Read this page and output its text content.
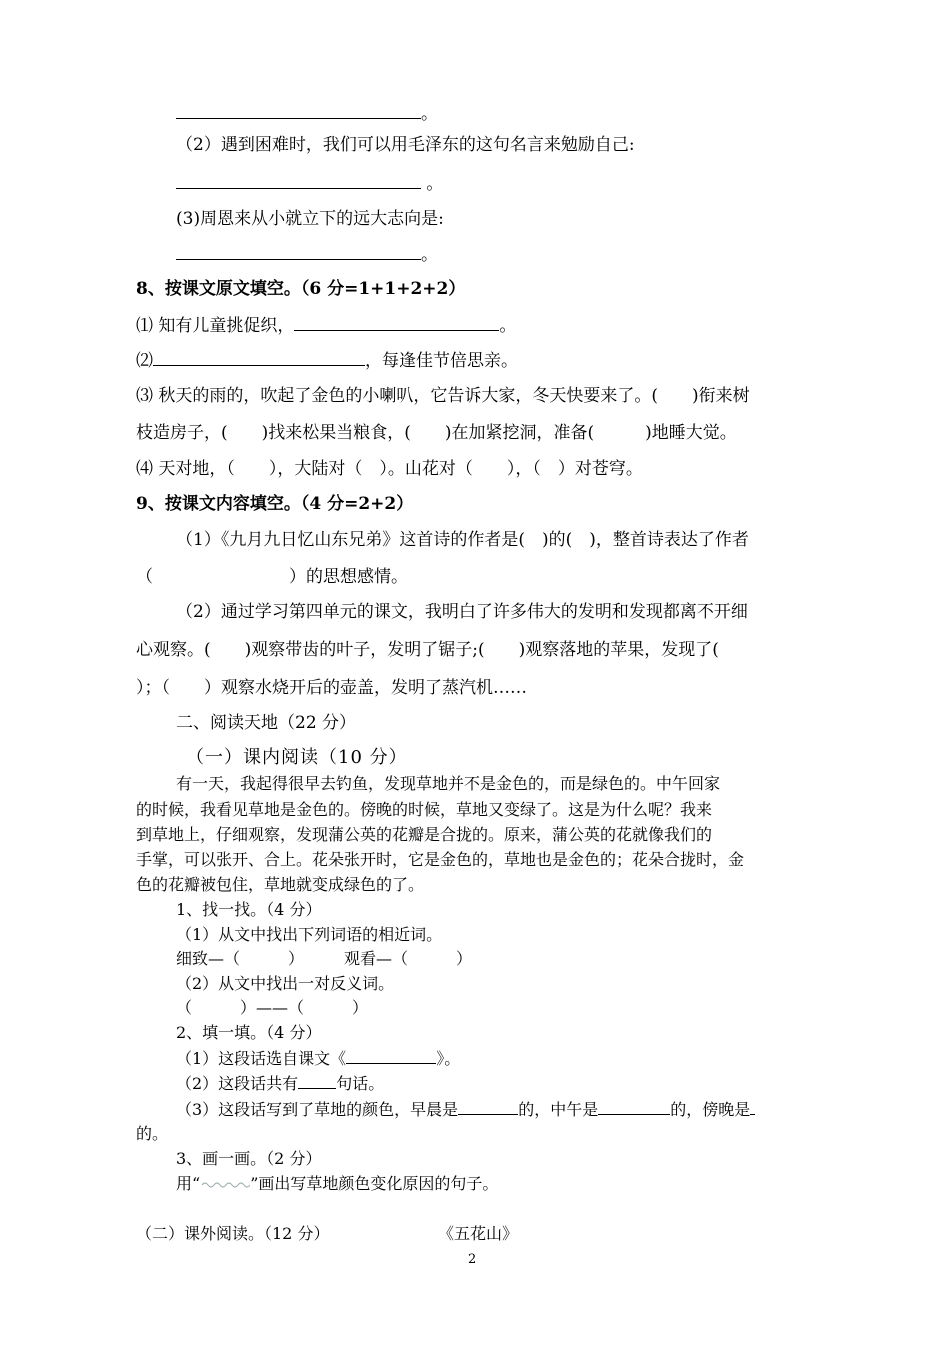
。
（2）遇到困难时，我们可以用毛泽东的这句名言来勉励自己:
。
(3)周恩来从小就立下的远大志向是:
。
8、按课文原文填空。（6 分=1+1+2+2）
⑴ 知有儿童挑促织，	。
⑵	，每逢佳节倍思亲。
⑶ 秋天的雨的，吹起了金色的小喇叭，它告诉大家，冬天快要来了。(　　)衔来树
枝造房子，(　　)找来松果当粮食，(　　)在加紧挖洞，准备(　　　)地睡大觉。
⑷ 天对地，（　　），大陆对（　）。山花对（　　），（　）对苍穹。
9、按课文内容填空。（4 分=2+2）
（1）《九月九日忆山东兄弟》这首诗的作者是(　)的(　)，整首诗表达了作者
（　　　　　　　　）的思想感情。
（2）通过学习第四单元的课文，我明白了许多伟大的发明和发现都离不开细
心观察。(　　)观察带齿的叶子，发明了锯子;(　　)观察落地的苹果，发现了(
）；（　　）观察水烧开后的壶盖，发明了蒸汽机……
二、阅读天地（22 分）
（一）课内阅读（10 分）
有一天，我起得很早去钓鱼，发现草地并不是金色的，而是绿色的。中午回家
的时候，我看见草地是金色的。傍晚的时候，草地又变绿了。这是为什么呢？我来
到草地上，仔细观察，发现蒲公英的花瓣是合拢的。原来，蒲公英的花就像我们的
手掌，可以张开、合上。花朵张开时，它是金色的，草地也是金色的；花朵合拢时，金
色的花瓣被包住，草地就变成绿色的了。
1、找一找。（4 分）
（1）从文中找出下列词语的相近词。
细致—（　　　）　　　观看—（　　　）
（2）从文中找出一对反义词。
（　　　）——（　　　）
2、填一填。（4 分）
（1）这段话选自课文《	》。
（2）这段话共有 句话。
（3）这段话写到了草地的颜色，早晨是	的，中午是	的，傍晚是
的。
3、画一画。（2 分）
用“	”画出写草地颜色变化原因的句子。
（二）课外阅读。（12 分）	《五花山》
2
